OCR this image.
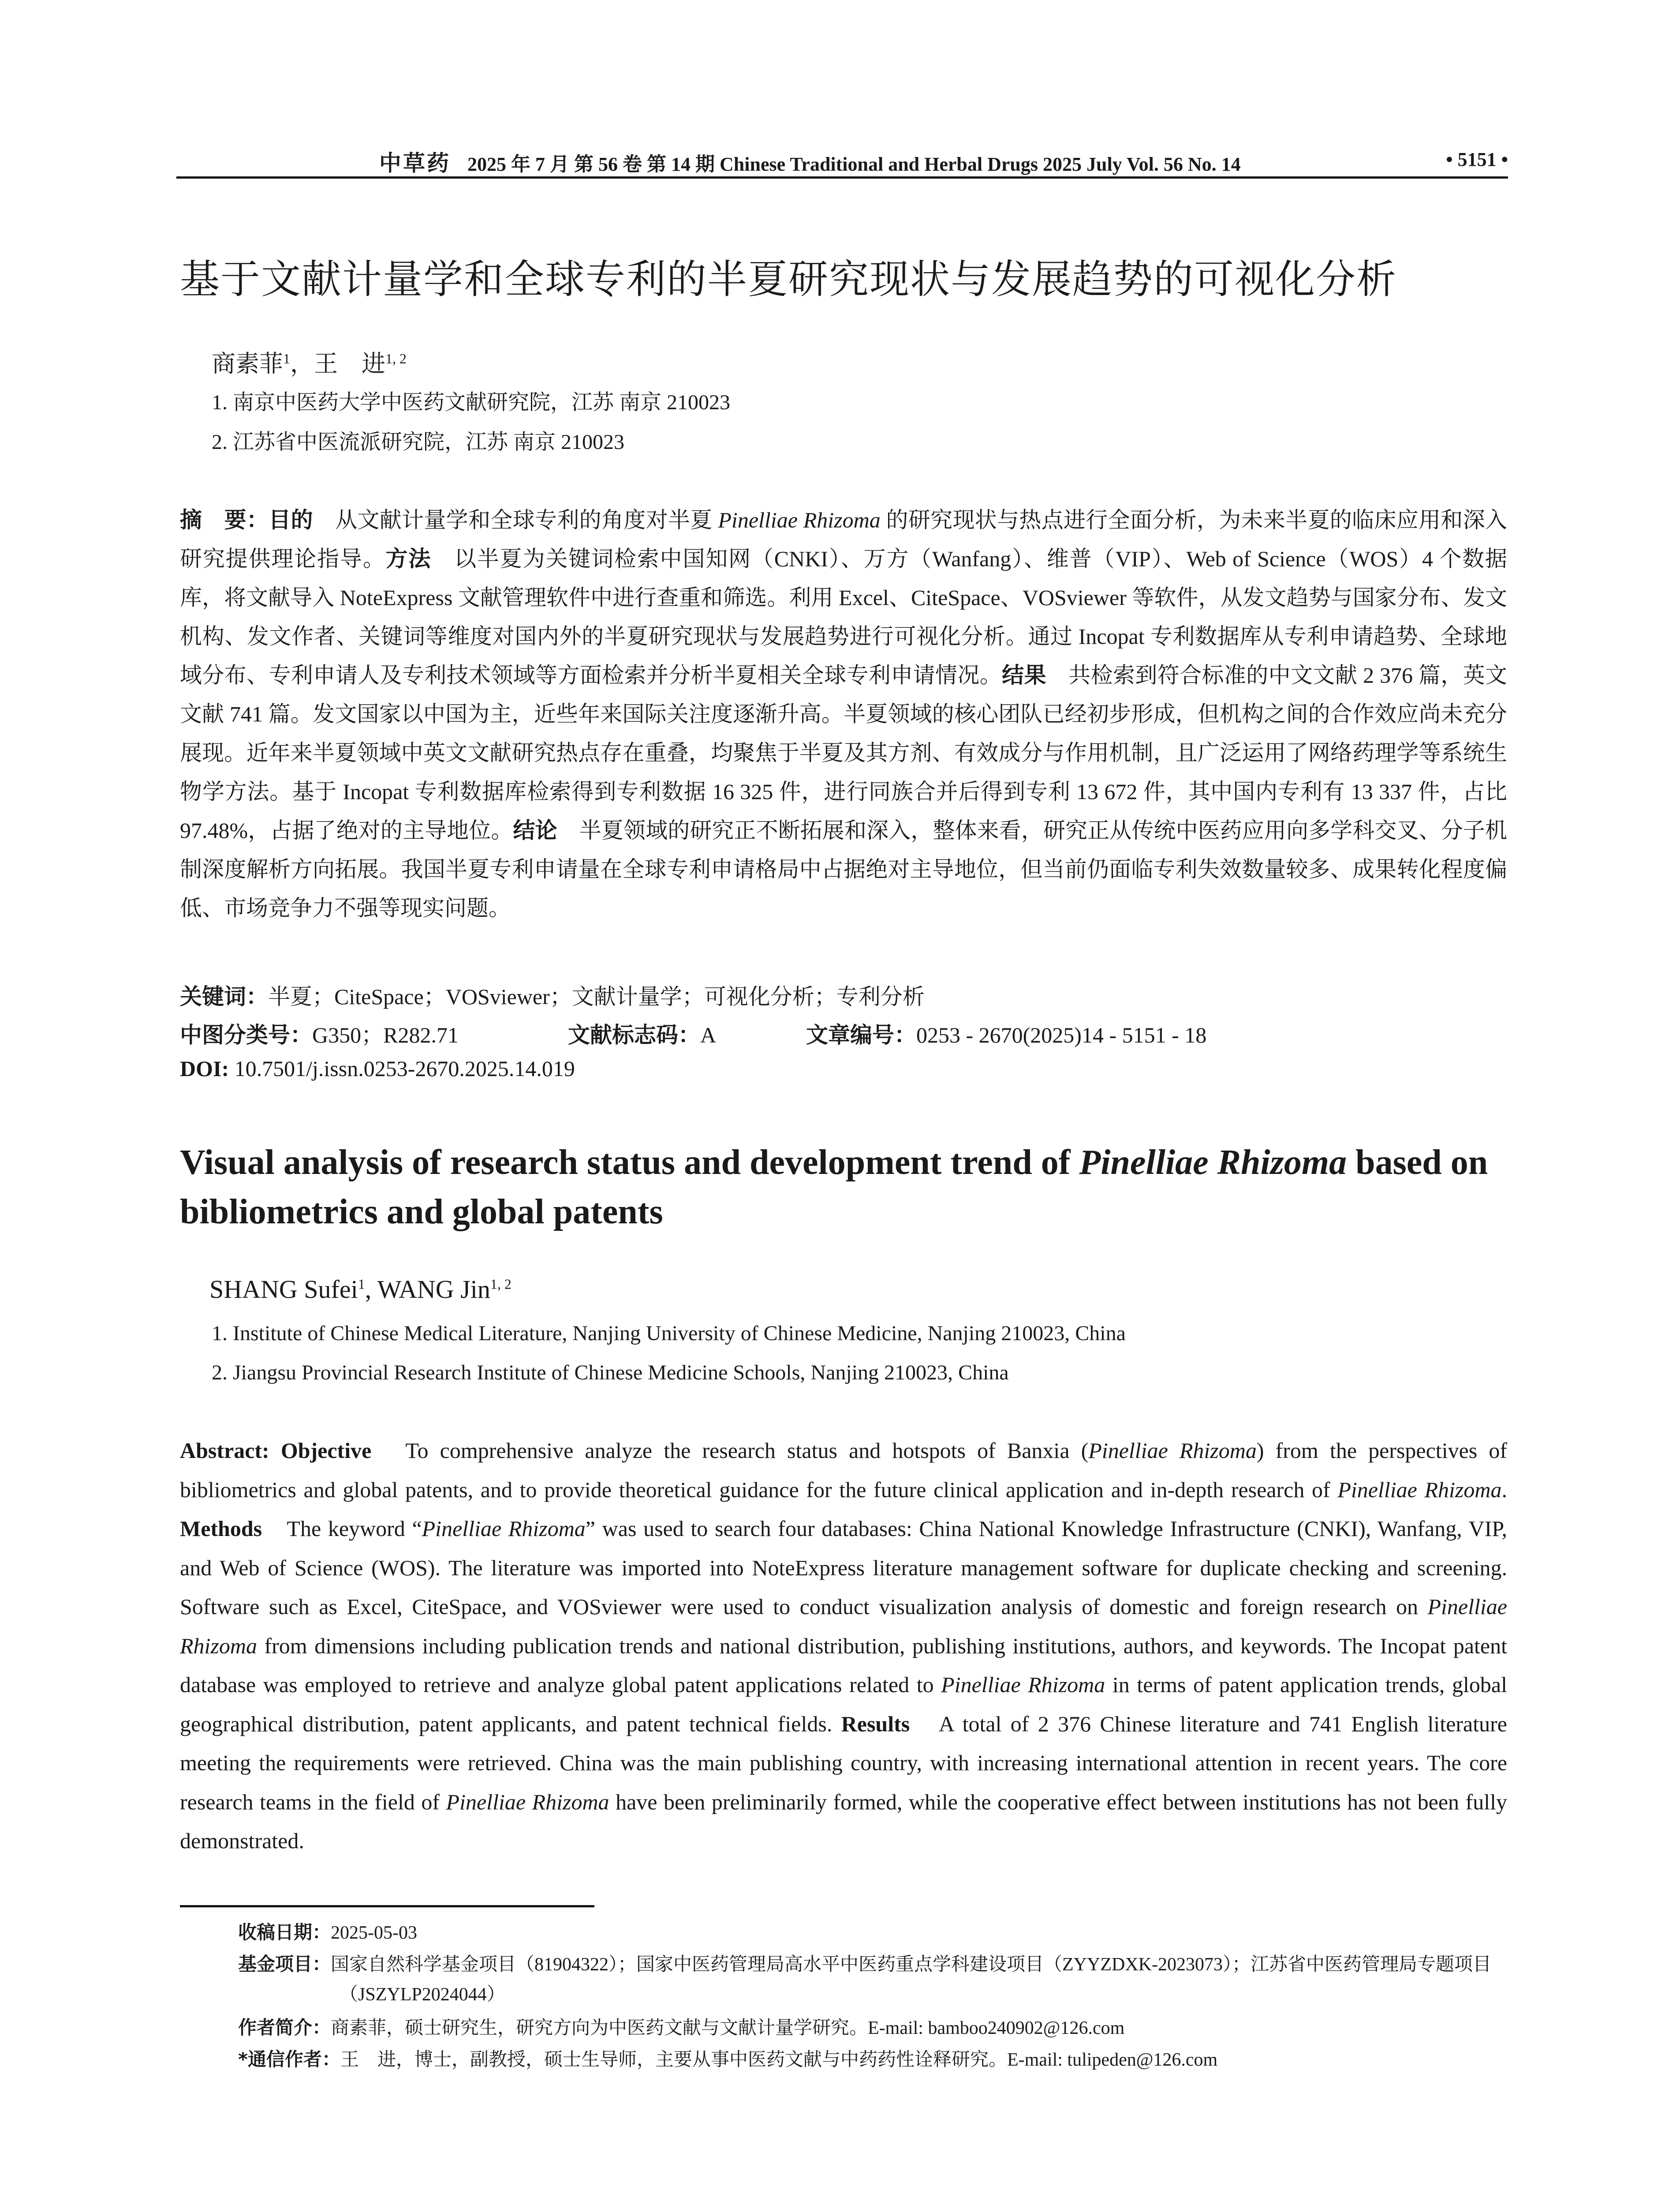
中草药 2025 年 7 月 第 56 卷 第 14 期 Chinese Traditional and Herbal Drugs 2025 July Vol. 56 No. 14	• 5151 •
基于文献计量学和全球专利的半夏研究现状与发展趋势的可视化分析
商素菲$^1$，王　进$^{1, 2}$
1. 南京中医药大学中医药文献研究院，江苏 南京 210023
2. 江苏省中医流派研究院，江苏 南京 210023

摘　要：目的　从文献计量学和全球专利的角度对半夏 Pinelliae Rhizoma 的研究现状与热点进行全面分析，为未来半夏的临床应用和深入研究提供理论指导。方法　以半夏为关键词检索中国知网（CNKI）、万方（Wanfang）、维普（VIP）、Web of Science（WOS）4 个数据库，将文献导入 NoteExpress 文献管理软件中进行查重和筛选。利用 Excel、CiteSpace、VOSviewer 等软件，从发文趋势与国家分布、发文机构、发文作者、关键词等维度对国内外的半夏研究现状与发展趋势进行可视化分析。通过 Incopat 专利数据库从专利申请趋势、全球地域分布、专利申请人及专利技术领域等方面检索并分析半夏相关全球专利申请情况。结果　共检索到符合标准的中文文献 2 376 篇，英文文献 741 篇。发文国家以中国为主，近些年来国际关注度逐渐升高。半夏领域的核心团队已经初步形成，但机构之间的合作效应尚未充分展现。近年来半夏领域中英文文献研究热点存在重叠，均聚焦于半夏及其方剂、有效成分与作用机制，且广泛运用了网络药理学等系统生物学方法。基于 Incopat 专利数据库检索得到专利数据 16 325 件，进行同族合并后得到专利 13 672 件，其中国内专利有 13 337 件，占比 97.48%，占据了绝对的主导地位。结论　半夏领域的研究正不断拓展和深入，整体来看，研究正从传统中医药应用向多学科交叉、分子机制深度解析方向拓展。我国半夏专利申请量在全球专利申请格局中占据绝对主导地位，但当前仍面临专利失效数量较多、成果转化程度偏低、市场竞争力不强等现实问题。

关键词：半夏；CiteSpace；VOSviewer；文献计量学；可视化分析；专利分析
中图分类号：G350；R282.71	文献标志码：A	文章编号：0253 - 2670(2025)14 - 5151 - 18
DOI: 10.7501/j.issn.0253-2670.2025.14.019
Visual analysis of research status and development trend of Pinelliae Rhizoma based on bibliometrics and global patents
SHANG Sufei$^1$, WANG Jin$^{1, 2}$
1. Institute of Chinese Medical Literature, Nanjing University of Chinese Medicine, Nanjing 210023, China
2. Jiangsu Provincial Research Institute of Chinese Medicine Schools, Nanjing 210023, China

Abstract: Objective　To comprehensive analyze the research status and hotspots of Banxia (Pinelliae Rhizoma) from the perspectives of bibliometrics and global patents, and to provide theoretical guidance for the future clinical application and in-depth research of Pinelliae Rhizoma. Methods　The keyword “Pinelliae Rhizoma” was used to search four databases: China National Knowledge Infrastructure (CNKI), Wanfang, VIP, and Web of Science (WOS). The literature was imported into NoteExpress literature management software for duplicate checking and screening. Software such as Excel, CiteSpace, and VOSviewer were used to conduct visualization analysis of domestic and foreign research on Pinelliae Rhizoma from dimensions including publication trends and national distribution, publishing institutions, authors, and keywords. The Incopat patent database was employed to retrieve and analyze global patent applications related to Pinelliae Rhizoma in terms of patent application trends, global geographical distribution, patent applicants, and patent technical fields. Results　A total of 2 376 Chinese literature and 741 English literature meeting the requirements were retrieved. China was the main publishing country, with increasing international attention in recent years. The core research teams in the field of Pinelliae Rhizoma have been preliminarily formed, while the cooperative effect between institutions has not been fully demonstrated.

收稿日期：2025-05-03
基金项目：国家自然科学基金项目（81904322）；国家中医药管理局高水平中医药重点学科建设项目（ZYYZDXK-2023073）；江苏省中医药管理局专题项目（JSZYLP2024044）
作者简介：商素菲，硕士研究生，研究方向为中医药文献与文献计量学研究。E-mail: bamboo240902@126.com
*通信作者：王　进，博士，副教授，硕士生导师，主要从事中医药文献与中药药性诠释研究。E-mail: tulipeden@126.com
